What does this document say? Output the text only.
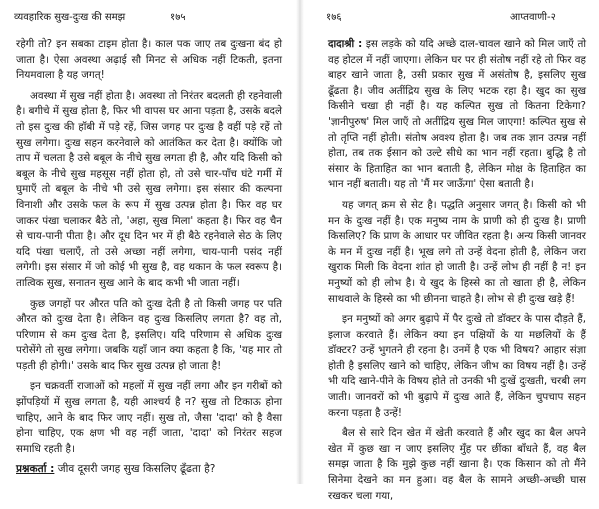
व्यवहारिक सुख-दुःख की समझ	१७५

रहेगी तो? इन सबका टाइम होता है। काल पक जाए तब दुःखना बंद हो जाता है। ऐसा अवस्था अढ़ाई सौ मिनट से अधिक नहीं टिकती, इतना नियमवाला है यह जगत्!

अवस्था में सुख नहीं होता है। अवस्था तो निरंतर बदलती ही रहनेवाली है। बगीचे में सुख होता है, फिर भी वापस घर आना पड़ता है, उसके बदले तो इस दुःख की हॉबी में पड़े रहें, जिस जगह पर दुःख है वहीं पड़े रहें तो सुख लगेगा। दुःख सहन करनेवाले को आतंकित कर देता है। क्योंकि जो ताप में चलता है उसे बबूल के नीचे सुख लगता ही है, और यदि किसी को बबूल के नीचे सुख महसूस नहीं होता हो, तो उसे चार-पाँच घंटे गर्मी में घुमाएँ तो बबूल के नीचे भी उसे सुख लगेगा। इस संसार की कल्पना विनाशी और उसके फल के रूप में सुख उत्पन्न होता है। फिर वह घर जाकर पंखा चलाकर बैठे तो, 'अहा, सुख मिला' कहता है। फिर वह चैन से चाय-पानी पीता है। और दूध दिन भर में ही बैठे रहनेवाले सेठ के लिए यदि पंखा चलाएँ, तो उसे अच्छा नहीं लगेगा, चाय-पानी पसंद नहीं लगेगी। इस संसार में जो कोई भी सुख है, वह थकान के फल स्वरूप है। तात्विक सुख, सनातन सुख आने के बाद कभी भी जाता नहीं।

कुछ जगहों पर औरत पति को दुःख देती है तो किसी जगह पर पति औरत को दुःख देता है। लेकिन वह दुःख किसलिए लगता है? वह तो, परिणाम से कम दुःख देता है, इसलिए। यदि परिणाम से अधिक दुःख परोसेंगे तो सुख लगेगा। जबकि यहाँ जान क्या कहता है कि, 'यह मार तो पड़ती ही होगी।' उसके बाद फिर सुख उत्पन्न हो जाता है!

इन चक्रवर्ती राजाओं को महलों में सुख नहीं लगा और इन गरीबों को झोंपड़ियों में सुख लगता है, यही आश्चर्य है न? सुख तो टिकाऊ होना चाहिए, आने के बाद फिर जाए नहीं। सुख तो, जैसा 'दादा' को है वैसा होना चाहिए, एक क्षण भी वह नहीं जाता, 'दादा' को निरंतर सहज समाधि रहती है।

प्रश्नकर्ता : जीव दूसरी जगह सुख किसलिए ढूँढता है?

१७६	आप्तवाणी-२

दादाश्री : इस लड़के को यदि अच्छे दाल-चावल खाने को मिल जाएँ तो वह होटल में नहीं जाएगा। लेकिन घर पर ही संतोष नहीं रहे तो फिर वह बाहर खाने जाता है, उसी प्रकार सुख में असंतोष है, इसलिए सुख ढूँढता है। जीव अतींद्रिय सुख के लिए भटक रहा है। खुद का सुख किसीने चखा ही नहीं है। यह कल्पित सुख तो कितना टिकेगा? 'ज्ञानीपुरुष' मिल जाएँ तो अतींद्रिय सुख मिल जाएगा! कल्पित सुख से तो तृप्ति नहीं होती। संतोष अवश्य होता है। जब तक ज्ञान उत्पन्न नहीं होता, तब तक ईसान को उल्टे सीधे का भान नहीं रहता। बुद्धि है तो संसार के हिताहित का भान बताती है, लेकिन मोक्ष के हिताहित का भान नहीं बताती। यह तो 'मैं मर जाऊँगा' ऐसा बताती है।

यह जगत् क्रम से सेट है। पद्धति अनुसार जगत् है। किसी को भी मन के दुःख नहीं है। एक मनुष्य नाम के प्राणी को ही दुःख है। प्राणी किसलिए? कि प्राण के आधार पर जीवित रहता है। अन्य किसी जानवर के मन में दुःख नहीं है। भूख लगे तो उन्हें वेदना होती है, लेकिन जरा खुराक मिली कि वेदना शांत हो जाती है। उन्हें लोभ ही नहीं है न! इन मनुष्यों को ही लोभ है। ये खुद के हिस्से का तो खाता ही है, लेकिन साथवाले के हिस्से का भी छीनना चाहते है। लोभ से ही दुःख खड़े हैं!

इन मनुष्यों को अगर बुढ़ापे में पैर दुःखे तो डॉक्टर के पास दौड़ते हैं, इलाज करवाते हैं। लेकिन क्या इन पक्षियों के या मछलियों के हैं डॉक्टर? उन्हें भुगतने ही रहना है। उनमें है एक भी विषय? आहार संज्ञा होती है इसलिए खाने को चाहिए, लेकिन जीभ का विषय नहीं है। उन्हें भी यदि खाने-पीने के विषय होते तो उनकी भी दुःखें दुःखती, चरबी लग जाती। जानवरों को भी बुढ़ापे में दुःख आते हैं, लेकिन चुपचाप सहन करना पड़ता है उन्हें!

बैल से सारे दिन खेत में खेती करवाते हैं और खुद का बैल अपने खेत में कुछ खा न जाए इसलिए मुँह पर छींका बाँधते हैं, वह बैल समझ जाता है कि मुझे कुछ नहीं खाना है। एक किसान को तो मैंने सिनेमा देखने का मन हुआ। वह बैल के सामने अच्छी-अच्छी घास रखकर चला गया,
